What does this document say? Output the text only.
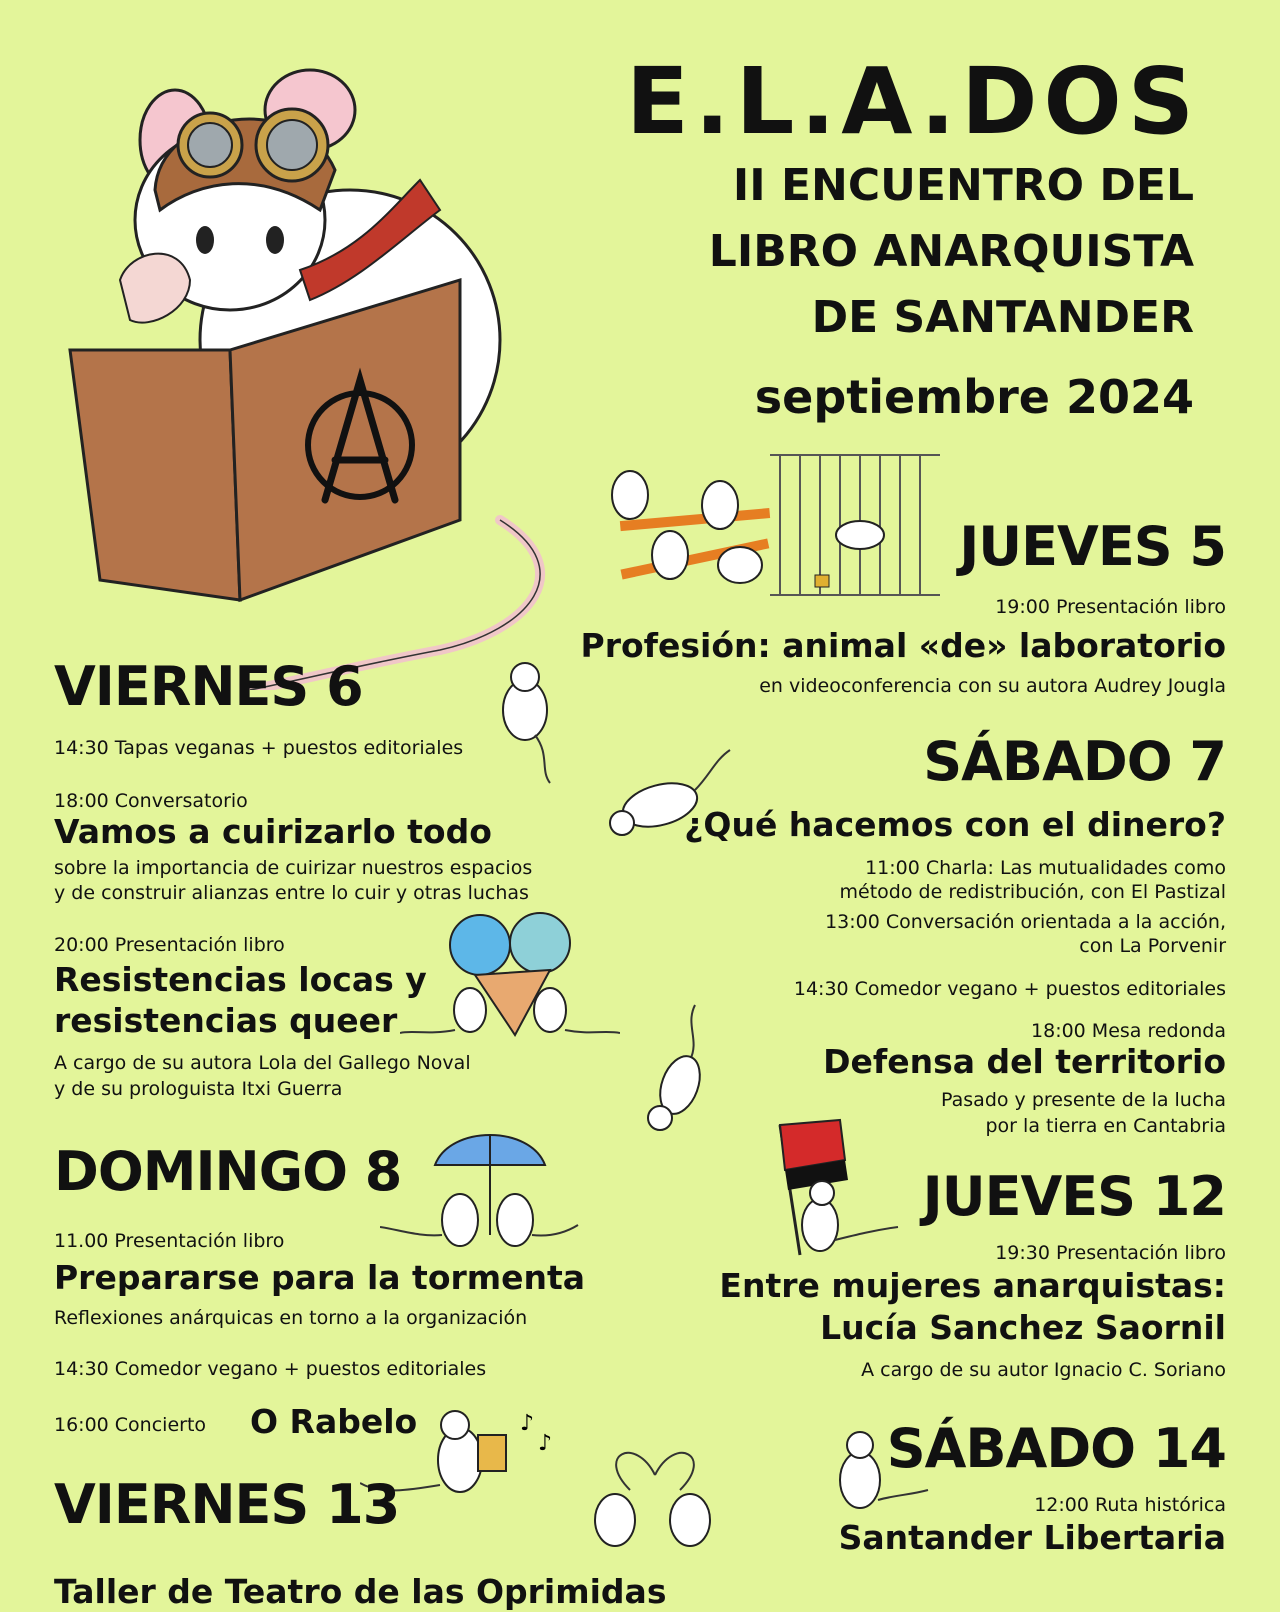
E.L.A.DOS
II ENCUENTRO DEL
LIBRO ANARQUISTA
DE SANTANDER
septiembre 2024
JUEVES 5
19:00 Presentación libro
Profesión: animal «de» laboratorio
en videoconferencia con su autora Audrey Jougla
VIERNES 6
14:30 Tapas veganas + puestos editoriales
18:00 Conversatorio
Vamos a cuirizarlo todo
sobre la importancia de cuirizar nuestros espacios
y de construir alianzas entre lo cuir y otras luchas
20:00 Presentación libro
Resistencias locas y
resistencias queer
A cargo de su autora Lola del Gallego Noval
y de su prologuista Itxi Guerra
SÁBADO 7
¿Qué hacemos con el dinero?
11:00 Charla: Las mutualidades como
método de redistribución, con El Pastizal
13:00 Conversación orientada a la acción,
con La Porvenir
14:30 Comedor vegano + puestos editoriales
18:00 Mesa redonda
Defensa del territorio
Pasado y presente de la lucha
por la tierra en Cantabria
DOMINGO 8
11.00 Presentación libro
Prepararse para la tormenta
Reflexiones anárquicas en torno a la organización
14:30 Comedor vegano + puestos editoriales
16:00 Concierto O Rabelo	♪
♪
JUEVES 12
19:30 Presentación libro
Entre mujeres anarquistas:
Lucía Sanchez Saornil
A cargo de su autor Ignacio C. Soriano
SÁBADO 14
12:00 Ruta histórica
Santander Libertaria
VIERNES 13
Taller de Teatro de las Oprimidas
